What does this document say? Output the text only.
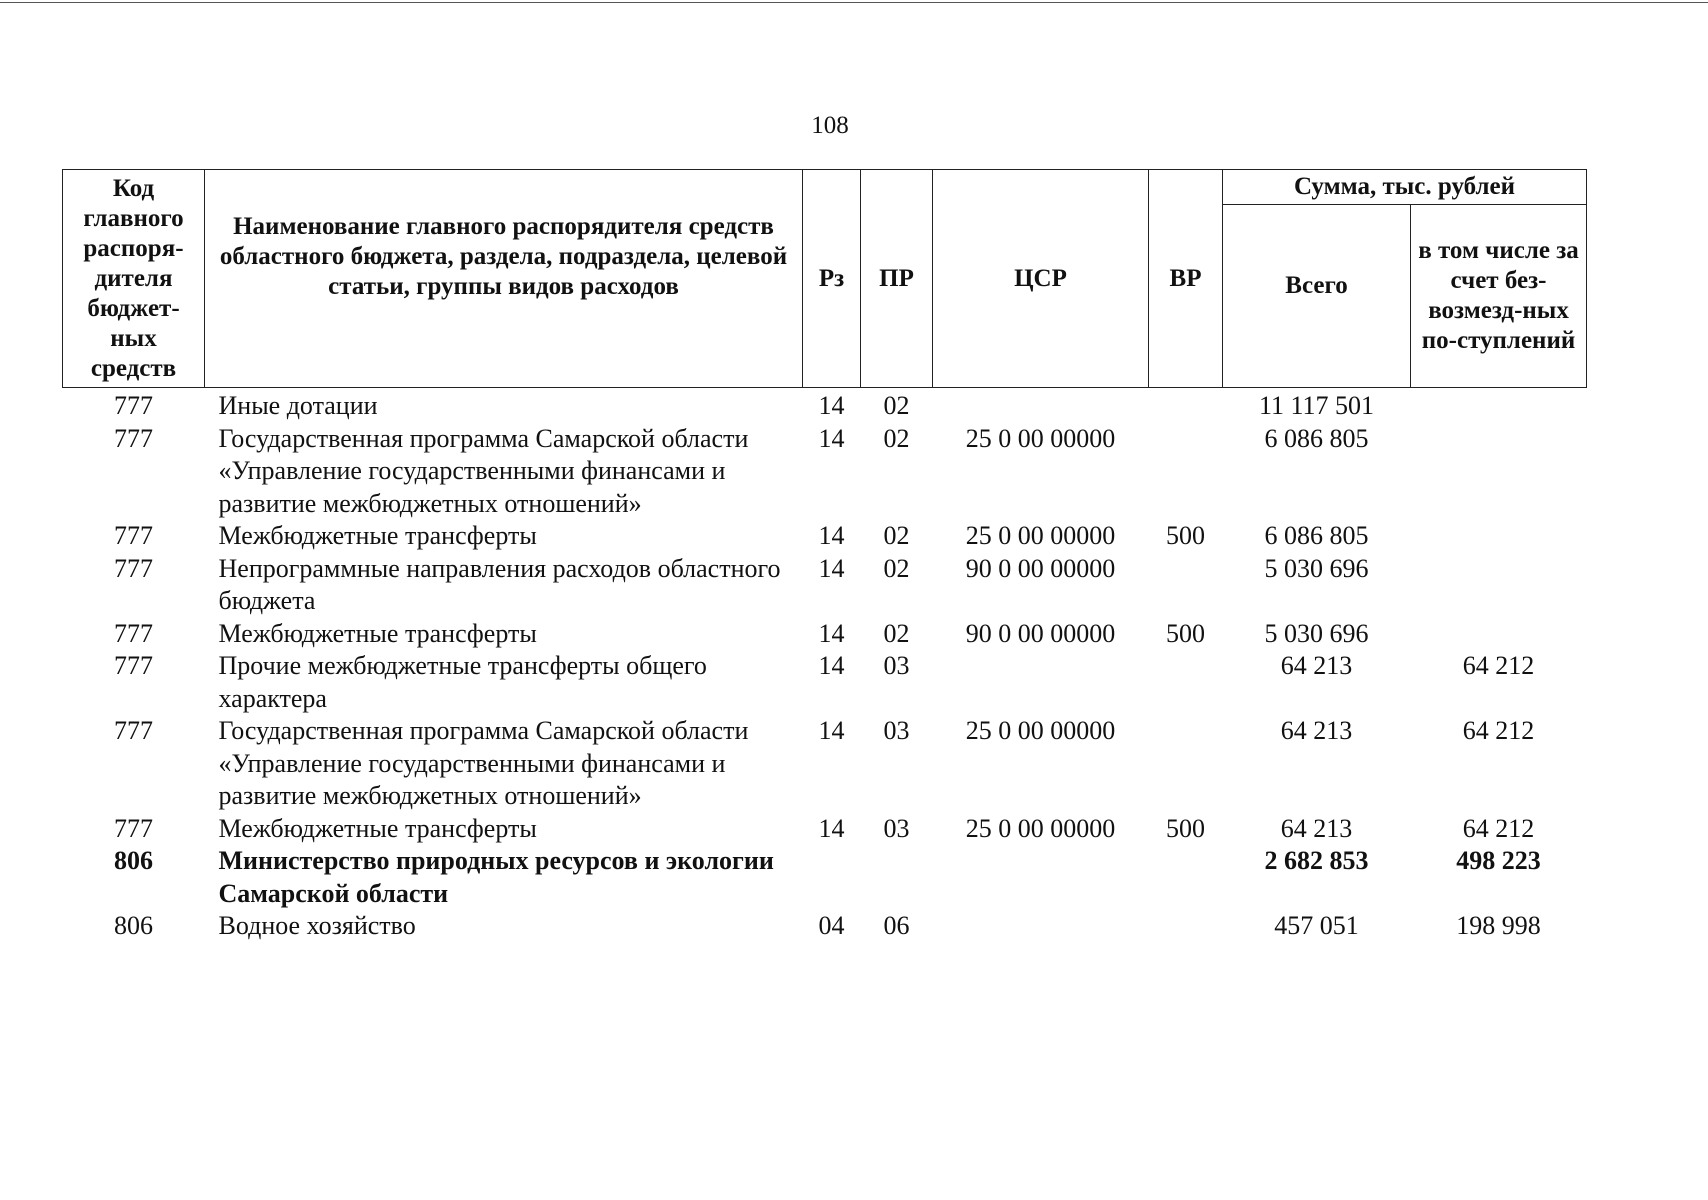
108
Код главного распоря-дителя бюджет-ных средств	Наименование главного распорядителя средств областного бюджета, раздела, подраздела, целевой статьи, группы видов расходов	Рз	ПР	ЦСР	ВР	Сумма, тыс. рублей	
						Всего	в том числе за счет без-возмезд-ных по-ступлений
777	Иные дотации	14	02			11 117 501	
777	Государственная программа Самарской области «Управление государственными финансами и развитие межбюджетных отношений»	14	02	25 0 00 00000		6 086 805	
777	Межбюджетные трансферты	14	02	25 0 00 00000	500	6 086 805	
777	Непрограммные направления расходов областного бюджета	14	02	90 0 00 00000		5 030 696	
777	Межбюджетные трансферты	14	02	90 0 00 00000	500	5 030 696	
777	Прочие межбюджетные трансферты общего характера	14	03			64 213	64 212
777	Государственная программа Самарской области «Управление государственными финансами и развитие межбюджетных отношений»	14	03	25 0 00 00000		64 213	64 212
777	Межбюджетные трансферты	14	03	25 0 00 00000	500	64 213	64 212
806	Министерство природных ресурсов и экологии Самарской области					2 682 853	498 223
806	Водное хозяйство	04	06			457 051	198 998
